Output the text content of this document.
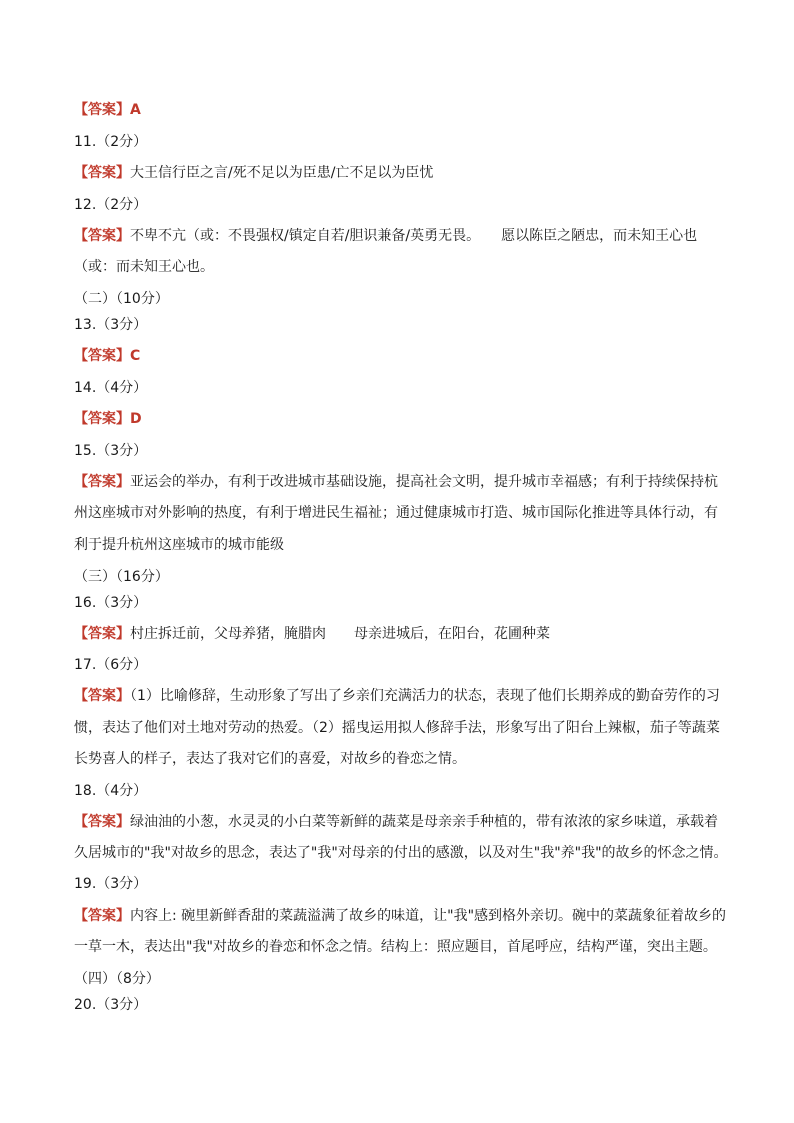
【答案】A
11.（2分）
【答案】大王信行臣之言/死不足以为臣患/亡不足以为臣忧
12.（2分）
【答案】不卑不亢（或：不畏强权/镇定自若/胆识兼备/英勇无畏。　　愿以陈臣之陋忠，而未知王心也
（或：而未知王心也。
（二）（10分）
13.（3分）
【答案】C
14.（4分）
【答案】D
15.（3分）
【答案】亚运会的举办，有利于改进城市基础设施，提高社会文明，提升城市幸福感；有利于持续保持杭
州这座城市对外影响的热度，有利于增进民生福祉；通过健康城市打造、城市国际化推进等具体行动，有
利于提升杭州这座城市的城市能级
（三）（16分）
16.（3分）
【答案】村庄拆迁前，父母养猪，腌腊肉　　母亲进城后，在阳台，花圃种菜
17.（6分）
【答案】（1）比喻修辞，生动形象了写出了乡亲们充满活力的状态，表现了他们长期养成的勤奋劳作的习
惯，表达了他们对土地对劳动的热爱。（2）摇曳运用拟人修辞手法，形象写出了阳台上辣椒，茄子等蔬菜
长势喜人的样子，表达了我对它们的喜爱，对故乡的眷恋之情。
18.（4分）
【答案】绿油油的小葱，水灵灵的小白菜等新鲜的蔬菜是母亲亲手种植的，带有浓浓的家乡味道，承载着
久居城市的"我"对故乡的思念，表达了"我"对母亲的付出的感激，以及对生"我"养"我"的故乡的怀念之情。
19.（3分）
【答案】内容上: 碗里新鲜香甜的菜蔬溢满了故乡的味道，让"我"感到格外亲切。碗中的菜蔬象征着故乡的
一草一木，表达出"我"对故乡的眷恋和怀念之情。结构上：照应题目，首尾呼应，结构严谨，突出主题。
（四）（8分）
20.（3分）
